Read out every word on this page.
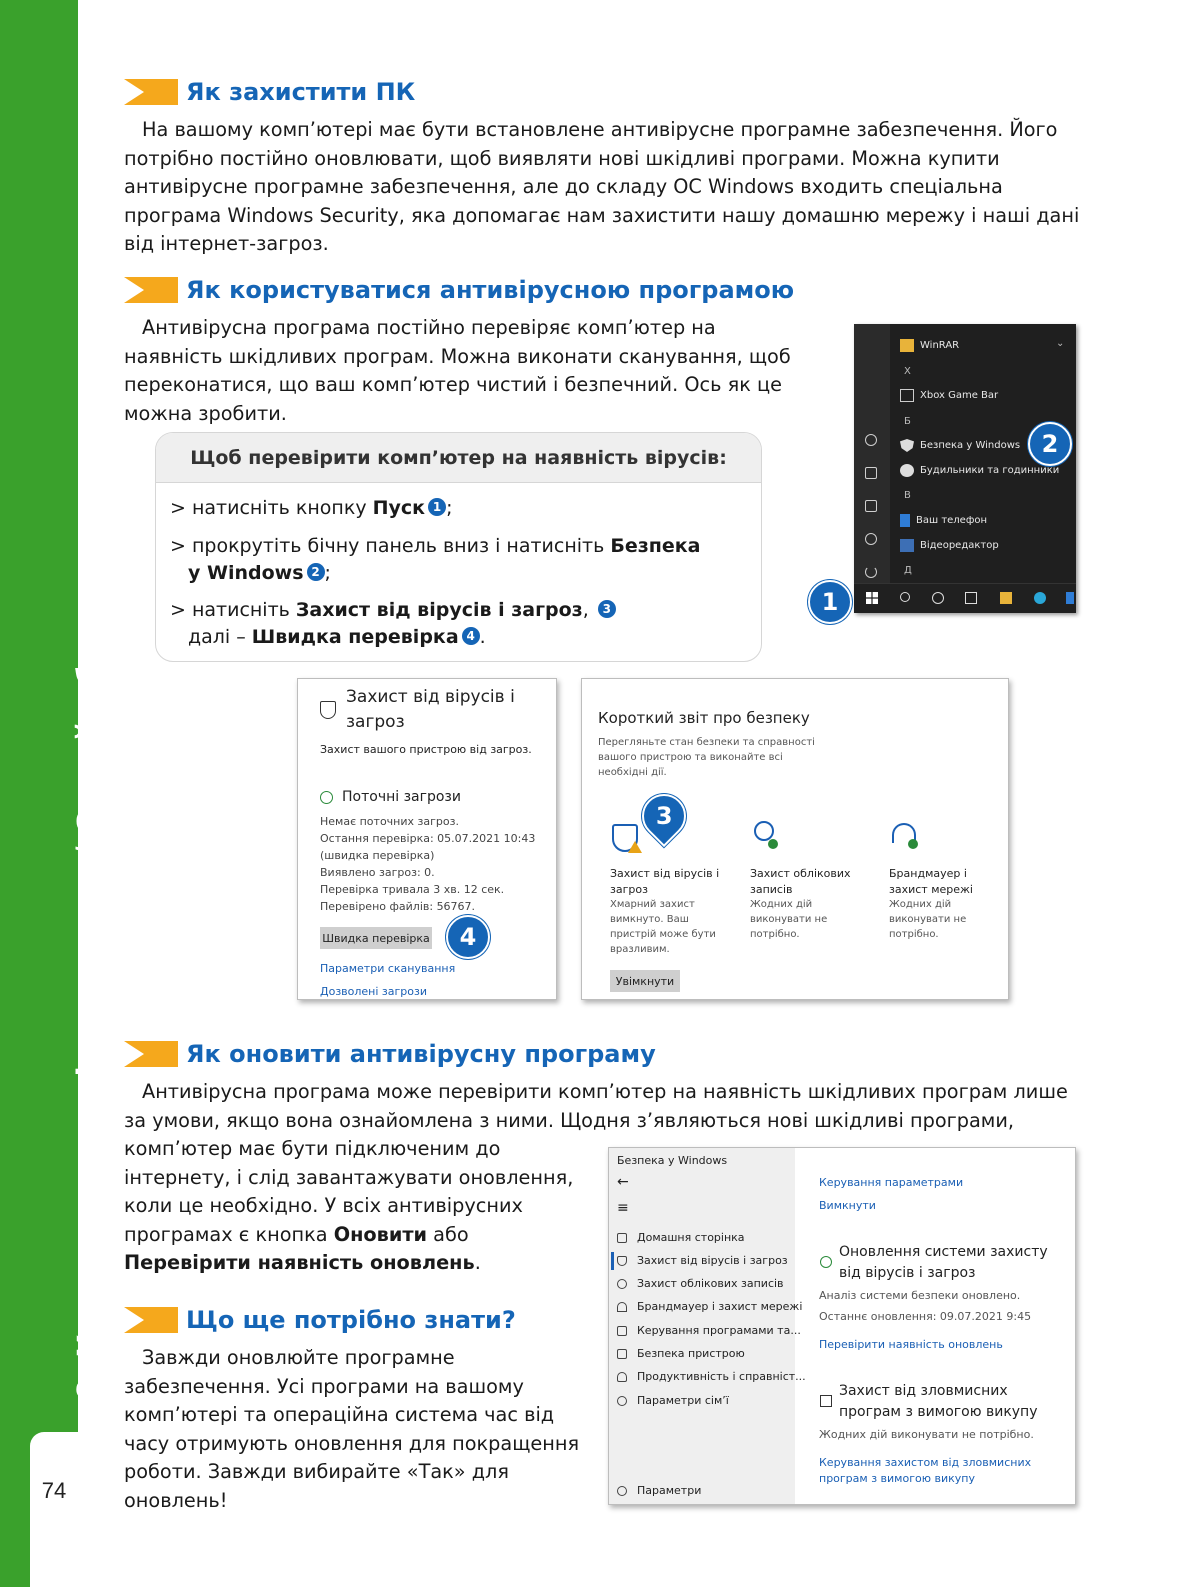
2. Користуємось інтернетом / Онлайн-безпека
74
Як захистити ПК
На вашому комп’ютері має бути встановлене антивірусне програмне забезпечення. Його
потрібно постійно оновлювати, щоб виявляти нові шкідливі програми. Можна купити
антивірусне програмне забезпечення, але до складу ОС Windows входить спеціальна
програма Windows Security, яка допомагає нам захистити нашу домашню мережу і наші дані
від інтернет-загроз.
Як користуватися антивірусною програмою
Антивірусна програма постійно перевіряє комп’ютер на
наявність шкідливих програм. Можна виконати сканування, щоб
переконатися, що ваш комп’ютер чистий і безпечний. Ось як це
можна зробити.
Щоб перевірити комп’ютер на наявність вірусів:
> натисніть кнопку Пуск 1 ;
> прокрутіть бічну панель вниз і натисніть Безпека
у Windows 2 ;
> натисніть Захист від вірусів і загроз, 3
далі – Швидка перевірка 4 .
WinRAR	⌄
Х
Xbox Game Bar
Б
Безпека у Windows
Будильники та годинники
В
Ваш телефон
Відеоредактор
Д
1
2
Захист від вірусів і
загроз
Захист вашого пристрою від загроз.
Поточні загрози
Немає поточних загроз.
Остання перевірка: 05.07.2021 10:43
(швидка перевірка)
Виявлено загроз: 0.
Перевірка тривала 3 хв. 12 сек.
Перевірено файлів: 56767.
Швидка перевірка
Параметри сканування
Дозволені загрози
4
Короткий звіт про безпеку
Перегляньте стан безпеки та справності
вашого пристрою та виконайте всі
необхідні дії.
Захист від вірусів і
загроз
Хмарний захист
вимкнуто. Ваш
пристрій може бути
вразливим.
Увімкнути
Захист облікових
записів
Жодних дій
виконувати не
потрібно.
Брандмауер і
захист мережі
Жодних дій
виконувати не
потрібно.
3
Як оновити антивірусну програму
Антивірусна програма може перевірити комп’ютер на наявність шкідливих програм лише
за умови, якщо вона ознайомлена з ними. Щодня з’являються нові шкідливі програми,
комп’ютер має бути підключеним до
інтернету, і слід завантажувати оновлення,
коли це необхідно. У всіх антивірусних
програмах є кнопка Оновити або
Перевірити наявність оновлень.
Що ще потрібно знати?
Завжди оновлюйте програмне
забезпечення. Усі програми на вашому
комп’ютері та операційна система час від
часу отримують оновлення для покращення
роботи. Завжди вибирайте «Так» для
оновлень!
Безпека у Windows
←
≡
Домашня сторінка
Захист від вірусів і загроз
Захист облікових записів
Брандмауер і захист мережі
Керування програмами та...
Безпека пристрою
Продуктивність і справніст...
Параметри сім’ї
Параметри
Керування параметрами
Вимкнути
Оновлення системи захисту
від вірусів і загроз
Аналіз системи безпеки оновлено.
Останнє оновлення: 09.07.2021 9:45
Перевірити наявність оновлень
Захист від зловмисних
програм з вимогою викупу
Жодних дій виконувати не потрібно.
Керування захистом від зловмисних
програм з вимогою викупу
